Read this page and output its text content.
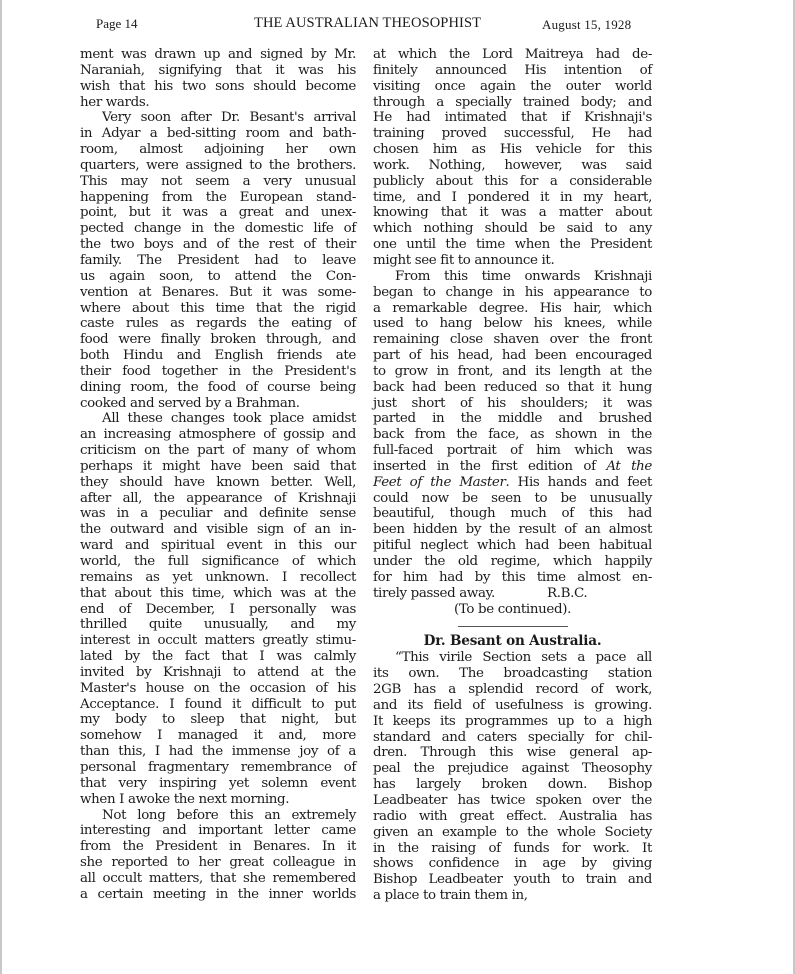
Page 14	THE AUSTRALIAN THEOSOPHIST	August 15, 1928
ment was drawn up and signed by Mr.
Naraniah, signifying that it was his
wish that his two sons should become
her wards.
Very soon after Dr. Besant's arrival
in Adyar a bed-sitting room and bath-
room, almost adjoining her own
quarters, were assigned to the brothers.
This may not seem a very unusual
happening from the European stand-
point, but it was a great and unex-
pected change in the domestic life of
the two boys and of the rest of their
family. The President had to leave
us again soon, to attend the Con-
vention at Benares. But it was some-
where about this time that the rigid
caste rules as regards the eating of
food were finally broken through, and
both Hindu and English friends ate
their food together in the President's
dining room, the food of course being
cooked and served by a Brahman.
All these changes took place amidst
an increasing atmosphere of gossip and
criticism on the part of many of whom
perhaps it might have been said that
they should have known better. Well,
after all, the appearance of Krishnaji
was in a peculiar and definite sense
the outward and visible sign of an in-
ward and spiritual event in this our
world, the full significance of which
remains as yet unknown. I recollect
that about this time, which was at the
end of December, I personally was
thrilled quite unusually, and my
interest in occult matters greatly stimu-
lated by the fact that I was calmly
invited by Krishnaji to attend at the
Master's house on the occasion of his
Acceptance. I found it difficult to put
my body to sleep that night, but
somehow I managed it and, more
than this, I had the immense joy of a
personal fragmentary remembrance of
that very inspiring yet solemn event
when I awoke the next morning.
Not long before this an extremely
interesting and important letter came
from the President in Benares. In it
she reported to her great colleague in
all occult matters, that she remembered
a certain meeting in the inner worlds
at which the Lord Maitreya had de-
finitely announced His intention of
visiting once again the outer world
through a specially trained body; and
He had intimated that if Krishnaji's
training proved successful, He had
chosen him as His vehicle for this
work. Nothing, however, was said
publicly about this for a considerable
time, and I pondered it in my heart,
knowing that it was a matter about
which nothing should be said to any
one until the time when the President
might see fit to announce it.
From this time onwards Krishnaji
began to change in his appearance to
a remarkable degree. His hair, which
used to hang below his knees, while
remaining close shaven over the front
part of his head, had been encouraged
to grow in front, and its length at the
back had been reduced so that it hung
just short of his shoulders; it was
parted in the middle and brushed
back from the face, as shown in the
full-faced portrait of him which was
inserted in the first edition of At the
Feet of the Master. His hands and feet
could now be seen to be unusually
beautiful, though much of this had
been hidden by the result of an almost
pitiful neglect which had been habitual
under the old regime, which happily
for him had by this time almost en-
tirely passed away.	R.B.C.
(To be continued).
Dr. Besant on Australia.
“This virile Section sets a pace all
its own. The broadcasting station
2GB has a splendid record of work,
and its field of usefulness is growing.
It keeps its programmes up to a high
standard and caters specially for chil-
dren. Through this wise general ap-
peal the prejudice against Theosophy
has largely broken down. Bishop
Leadbeater has twice spoken over the
radio with great effect. Australia has
given an example to the whole Society
in the raising of funds for work. It
shows confidence in age by giving
Bishop Leadbeater youth to train and
a place to train them in,
